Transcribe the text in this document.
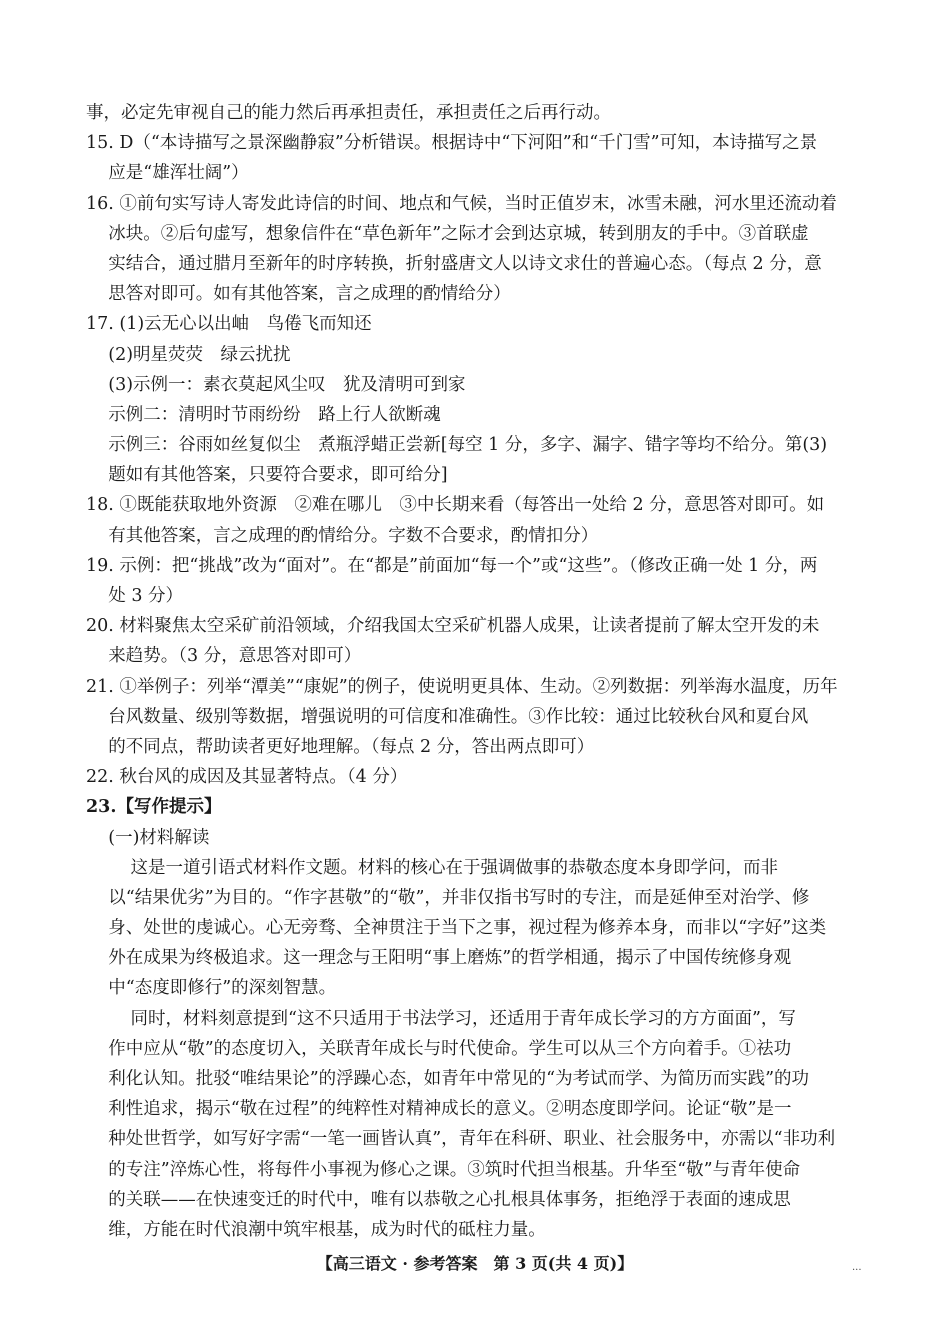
事，必定先审视自己的能力然后再承担责任，承担责任之后再行动。
15. D（“本诗描写之景深幽静寂”分析错误。根据诗中“下河阳”和“千门雪”可知，本诗描写之景
应是“雄浑壮阔”）
16. ①前句实写诗人寄发此诗信的时间、地点和气候，当时正值岁末，冰雪未融，河水里还流动着
冰块。②后句虚写，想象信件在“草色新年”之际才会到达京城，转到朋友的手中。③首联虚
实结合，通过腊月至新年的时序转换，折射盛唐文人以诗文求仕的普遍心态。（每点 2 分，意
思答对即可。如有其他答案，言之成理的酌情给分）
17. (1)云无心以出岫　鸟倦飞而知还
(2)明星荧荧　绿云扰扰
(3)示例一：素衣莫起风尘叹　犹及清明可到家
示例二：清明时节雨纷纷　路上行人欲断魂
示例三：谷雨如丝复似尘　煮瓶浮蜡正尝新[每空 1 分，多字、漏字、错字等均不给分。第(3)
题如有其他答案，只要符合要求，即可给分]
18. ①既能获取地外资源　②难在哪儿　③中长期来看（每答出一处给 2 分，意思答对即可。如
有其他答案，言之成理的酌情给分。字数不合要求，酌情扣分）
19. 示例：把“挑战”改为“面对”。在“都是”前面加“每一个”或“这些”。（修改正确一处 1 分，两
处 3 分）
20. 材料聚焦太空采矿前沿领域，介绍我国太空采矿机器人成果，让读者提前了解太空开发的未
来趋势。（3 分，意思答对即可）
21. ①举例子：列举“潭美”“康妮”的例子，使说明更具体、生动。②列数据：列举海水温度，历年
台风数量、级别等数据，增强说明的可信度和准确性。③作比较：通过比较秋台风和夏台风
的不同点，帮助读者更好地理解。（每点 2 分，答出两点即可）
22. 秋台风的成因及其显著特点。（4 分）
23.【写作提示】
(一)材料解读
这是一道引语式材料作文题。材料的核心在于强调做事的恭敬态度本身即学问，而非
以“结果优劣”为目的。“作字甚敬”的“敬”，并非仅指书写时的专注，而是延伸至对治学、修
身、处世的虔诚心。心无旁骛、全神贯注于当下之事，视过程为修养本身，而非以“字好”这类
外在成果为终极追求。这一理念与王阳明“事上磨炼”的哲学相通，揭示了中国传统修身观
中“态度即修行”的深刻智慧。
同时，材料刻意提到“这不只适用于书法学习，还适用于青年成长学习的方方面面”，写
作中应从“敬”的态度切入，关联青年成长与时代使命。学生可以从三个方向着手。①祛功
利化认知。批驳“唯结果论”的浮躁心态，如青年中常见的“为考试而学、为简历而实践”的功
利性追求，揭示“敬在过程”的纯粹性对精神成长的意义。②明态度即学问。论证“敬”是一
种处世哲学，如写好字需“一笔一画皆认真”，青年在科研、职业、社会服务中，亦需以“非功利
的专注”淬炼心性，将每件小事视为修心之课。③筑时代担当根基。升华至“敬”与青年使命
的关联——在快速变迁的时代中，唯有以恭敬之心扎根具体事务，拒绝浮于表面的速成思
维，方能在时代浪潮中筑牢根基，成为时代的砥柱力量。
【高三语文 · 参考答案　第 3 页(共 4 页)】	...
